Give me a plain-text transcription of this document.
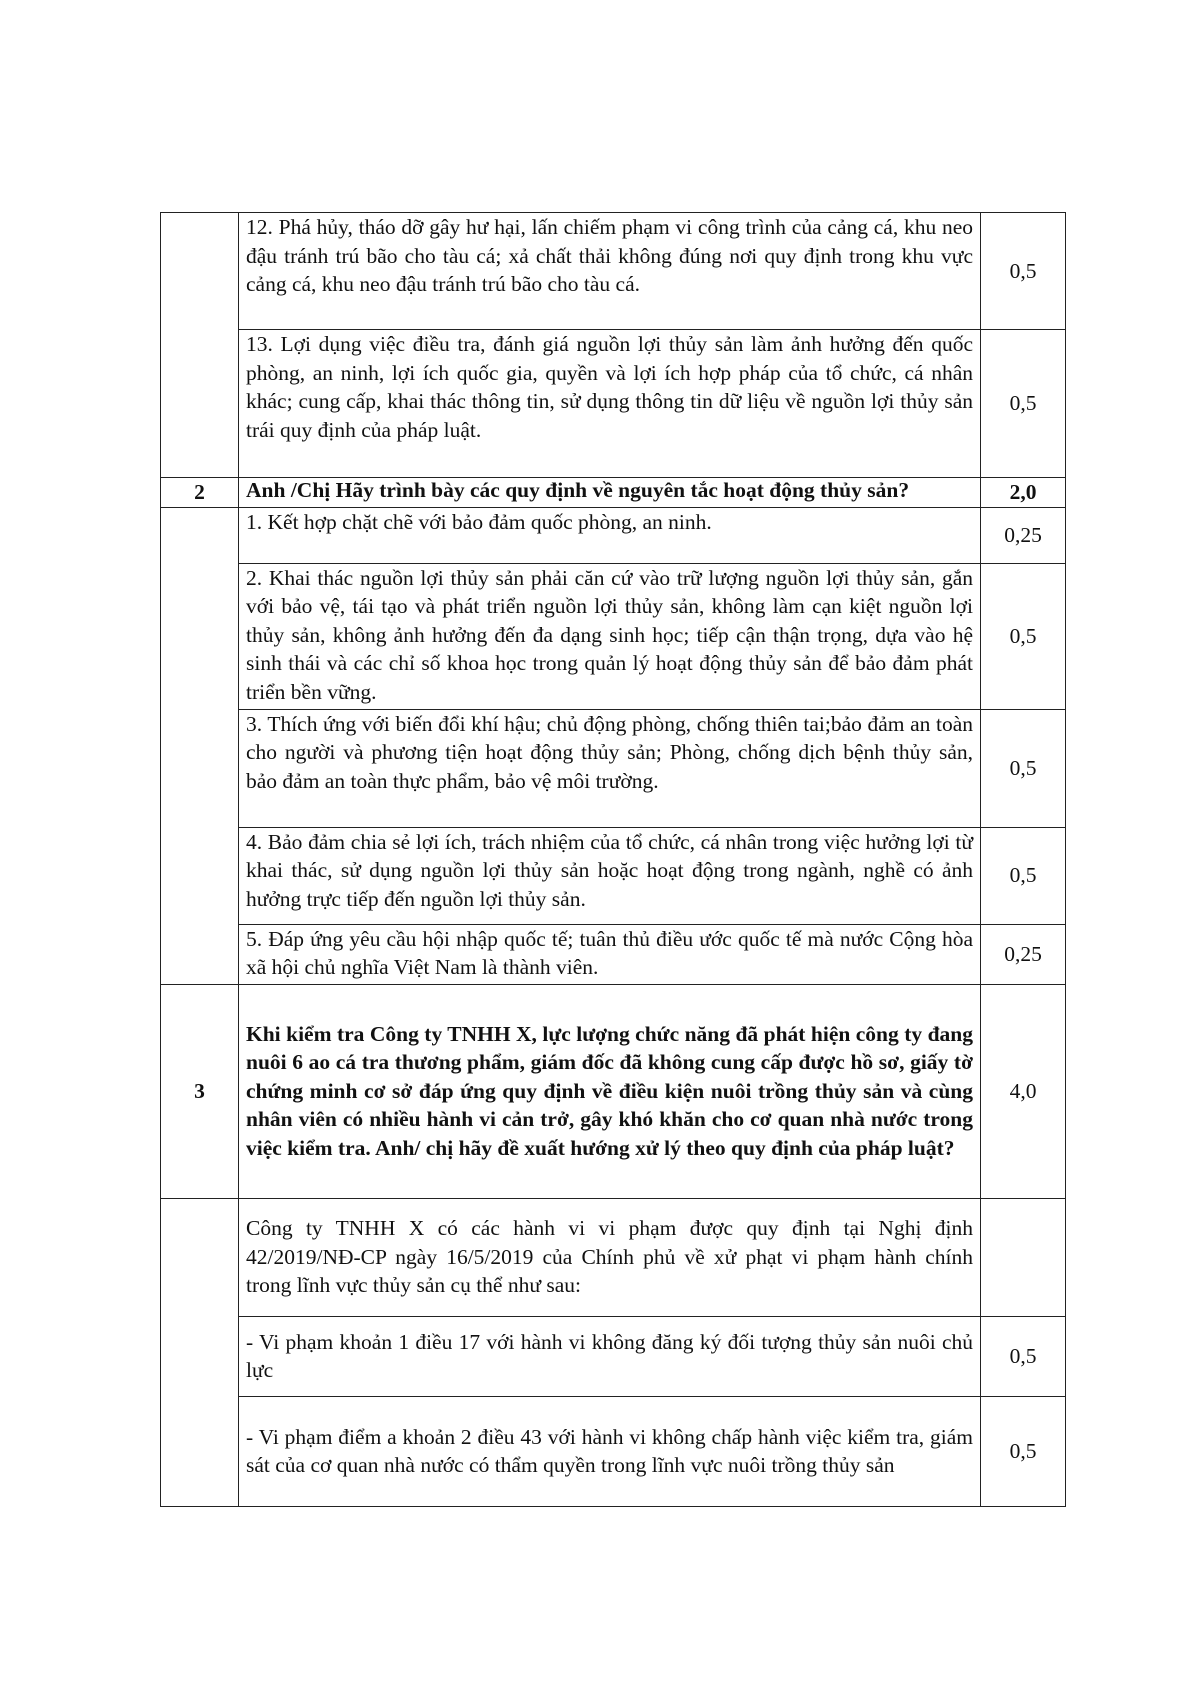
	12. Phá hủy, tháo dỡ gây hư hại, lấn chiếm phạm vi công trình của cảng cá, khu neo đậu tránh trú bão cho tàu cá; xả chất thải không đúng nơi quy định trong khu vực cảng cá, khu neo đậu tránh trú bão cho tàu cá.	0,5
	13. Lợi dụng việc điều tra, đánh giá nguồn lợi thủy sản làm ảnh hưởng đến quốc phòng, an ninh, lợi ích quốc gia, quyền và lợi ích hợp pháp của tổ chức, cá nhân khác; cung cấp, khai thác thông tin, sử dụng thông tin dữ liệu về nguồn lợi thủy sản trái quy định của pháp luật.	0,5
2	Anh /Chị Hãy trình bày các quy định về nguyên tắc hoạt động thủy sản?	2,0
	1. Kết hợp chặt chẽ với bảo đảm quốc phòng, an ninh.	0,25
	2. Khai thác nguồn lợi thủy sản phải căn cứ vào trữ lượng nguồn lợi thủy sản, gắn với bảo vệ, tái tạo và phát triển nguồn lợi thủy sản, không làm cạn kiệt nguồn lợi thủy sản, không ảnh hưởng đến đa dạng sinh học; tiếp cận thận trọng, dựa vào hệ sinh thái và các chỉ số khoa học trong quản lý hoạt động thủy sản để bảo đảm phát triển bền vững.	0,5
	3. Thích ứng với biến đổi khí hậu; chủ động phòng, chống thiên tai;bảo đảm an toàn cho người và phương tiện hoạt động thủy sản; Phòng, chống dịch bệnh thủy sản, bảo đảm an toàn thực phẩm, bảo vệ môi trường.	0,5
	4. Bảo đảm chia sẻ lợi ích, trách nhiệm của tổ chức, cá nhân trong việc hưởng lợi từ khai thác, sử dụng nguồn lợi thủy sản hoặc hoạt động trong ngành, nghề có ảnh hưởng trực tiếp đến nguồn lợi thủy sản.	0,5
	5. Đáp ứng yêu cầu hội nhập quốc tế; tuân thủ điều ước quốc tế mà nước Cộng hòa xã hội chủ nghĩa Việt Nam là thành viên.	0,25
3	Khi kiểm tra Công ty TNHH X, lực lượng chức năng đã phát hiện công ty đang nuôi 6 ao cá tra thương phẩm, giám đốc đã không cung cấp được hồ sơ, giấy tờ chứng minh cơ sở đáp ứng quy định về điều kiện nuôi trồng thủy sản và cùng nhân viên có nhiều hành vi cản trở, gây khó khăn cho cơ quan nhà nước trong việc kiểm tra. Anh/ chị hãy đề xuất hướng xử lý theo quy định của pháp luật?	4,0
	Công ty TNHH X có các hành vi vi phạm được quy định tại Nghị định 42/2019/NĐ-CP ngày 16/5/2019 của Chính phủ về xử phạt vi phạm hành chính trong lĩnh vực thủy sản cụ thể như sau:	
	- Vi phạm khoản 1 điều 17 với hành vi không đăng ký đối tượng thủy sản nuôi chủ lực	0,5
	- Vi phạm điểm a khoản 2 điều 43 với hành vi không chấp hành việc kiểm tra, giám sát của cơ quan nhà nước có thẩm quyền trong lĩnh vực nuôi trồng thủy sản	0,5
